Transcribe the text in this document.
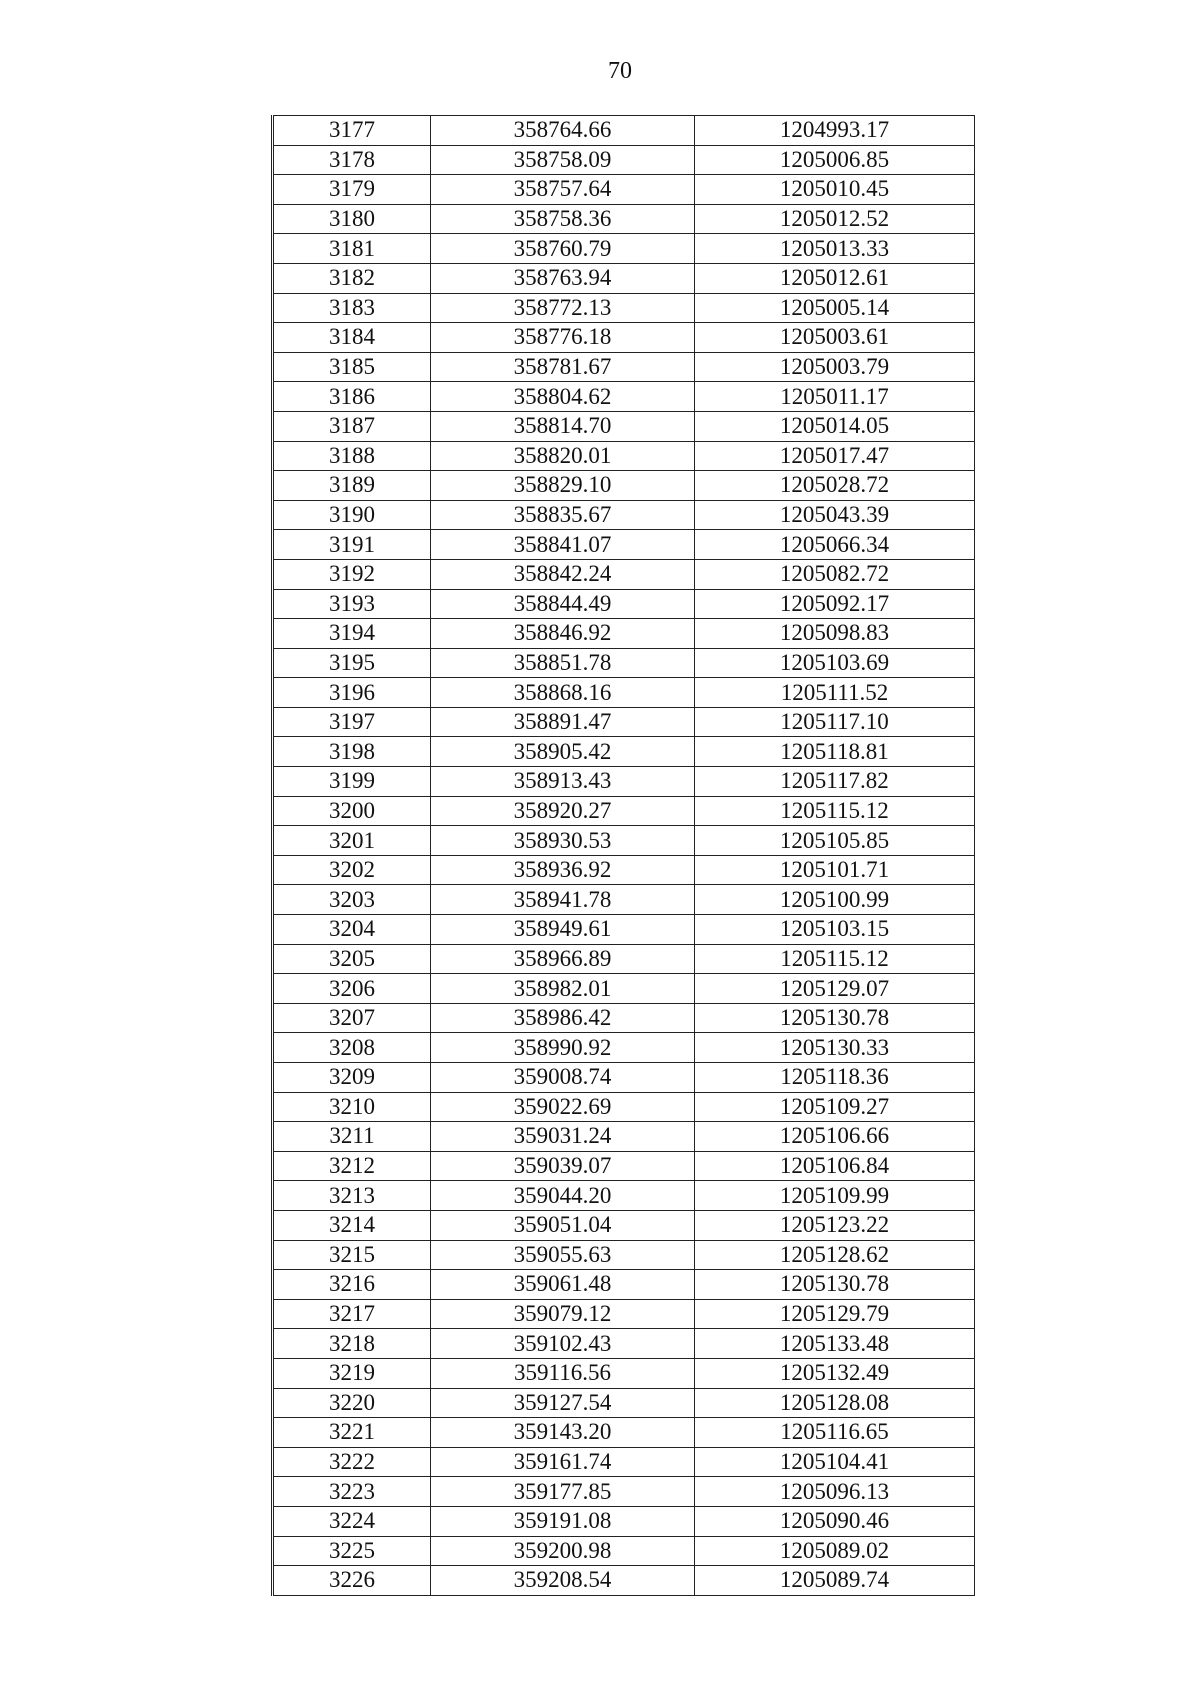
70
3177	358764.66	1204993.17
3178	358758.09	1205006.85
3179	358757.64	1205010.45
3180	358758.36	1205012.52
3181	358760.79	1205013.33
3182	358763.94	1205012.61
3183	358772.13	1205005.14
3184	358776.18	1205003.61
3185	358781.67	1205003.79
3186	358804.62	1205011.17
3187	358814.70	1205014.05
3188	358820.01	1205017.47
3189	358829.10	1205028.72
3190	358835.67	1205043.39
3191	358841.07	1205066.34
3192	358842.24	1205082.72
3193	358844.49	1205092.17
3194	358846.92	1205098.83
3195	358851.78	1205103.69
3196	358868.16	1205111.52
3197	358891.47	1205117.10
3198	358905.42	1205118.81
3199	358913.43	1205117.82
3200	358920.27	1205115.12
3201	358930.53	1205105.85
3202	358936.92	1205101.71
3203	358941.78	1205100.99
3204	358949.61	1205103.15
3205	358966.89	1205115.12
3206	358982.01	1205129.07
3207	358986.42	1205130.78
3208	358990.92	1205130.33
3209	359008.74	1205118.36
3210	359022.69	1205109.27
3211	359031.24	1205106.66
3212	359039.07	1205106.84
3213	359044.20	1205109.99
3214	359051.04	1205123.22
3215	359055.63	1205128.62
3216	359061.48	1205130.78
3217	359079.12	1205129.79
3218	359102.43	1205133.48
3219	359116.56	1205132.49
3220	359127.54	1205128.08
3221	359143.20	1205116.65
3222	359161.74	1205104.41
3223	359177.85	1205096.13
3224	359191.08	1205090.46
3225	359200.98	1205089.02
3226	359208.54	1205089.74
